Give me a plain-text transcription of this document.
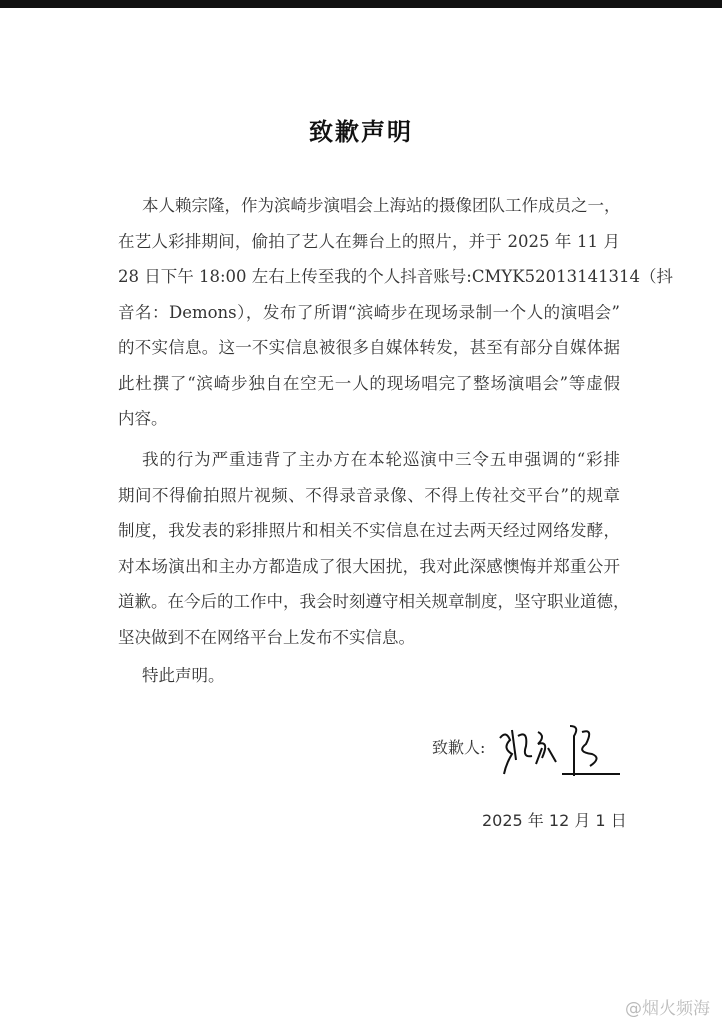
致歉声明
本人赖宗隆，作为滨崎步演唱会上海站的摄像团队工作成员之一，
在艺人彩排期间，偷拍了艺人在舞台上的照片，并于 2025 年 11 月
28 日下午 18:00 左右上传至我的个人抖音账号:CMYK52013141314（抖
音名：Demons），发布了所谓“滨崎步在现场录制一个人的演唱会”
的不实信息。这一不实信息被很多自媒体转发，甚至有部分自媒体据
此杜撰了“滨崎步独自在空无一人的现场唱完了整场演唱会”等虚假
内容。
我的行为严重违背了主办方在本轮巡演中三令五申强调的“彩排
期间不得偷拍照片视频、不得录音录像、不得上传社交平台”的规章
制度，我发表的彩排照片和相关不实信息在过去两天经过网络发酵，
对本场演出和主办方都造成了很大困扰，我对此深感懊悔并郑重公开
道歉。在今后的工作中，我会时刻遵守相关规章制度，坚守职业道德，
坚决做到不在网络平台上发布不实信息。
特此声明。
致歉人:
2025 年 12 月 1 日
@烟火频海
